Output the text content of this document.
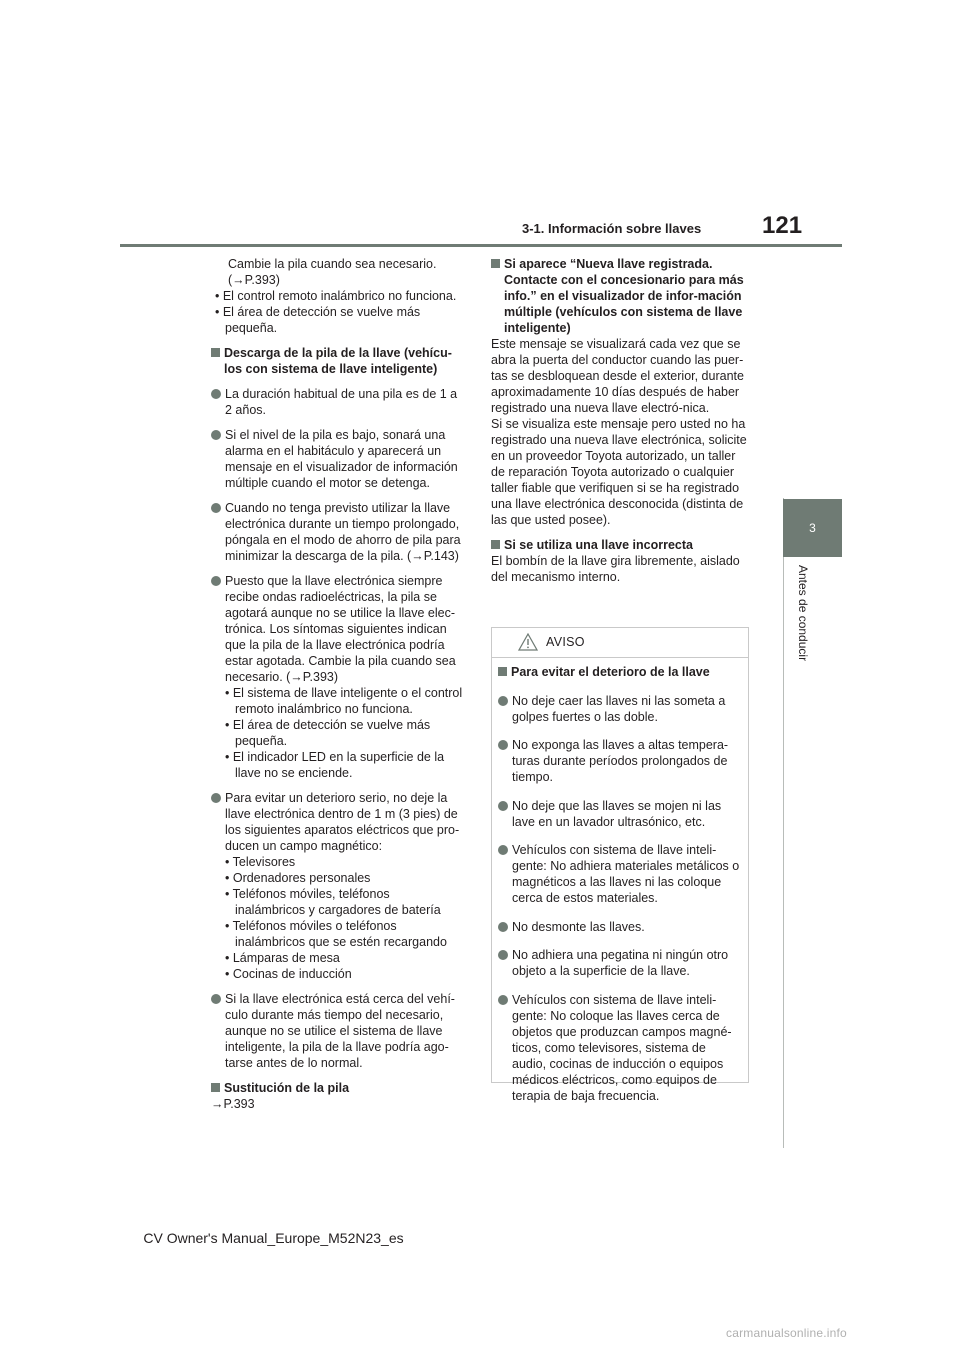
3-1. Información sobre llaves	121
3
Antes de conducir

Cambie la pila cuando sea necesario.

(→P.393)

• El control remoto inalámbrico no funciona.

• El área de detección se vuelve más pequeña.

Descarga de la pila de la llave (vehícu-los con sistema de llave inteligente)

La duración habitual de una pila es de 1 a 2 años.

Si el nivel de la pila es bajo, sonará una alarma en el habitáculo y aparecerá un mensaje en el visualizador de información múltiple cuando el motor se detenga.

Cuando no tenga previsto utilizar la llave electrónica durante un tiempo prolongado, póngala en el modo de ahorro de pila para minimizar la descarga de la pila. (→P.143)

Puesto que la llave electrónica siempre recibe ondas radioeléctricas, la pila se agotará aunque no se utilice la llave elec-trónica. Los síntomas siguientes indican que la pila de la llave electrónica podría estar agotada. Cambie la pila cuando sea necesario. (→P.393)

• El sistema de llave inteligente o el control remoto inalámbrico no funciona.

• El área de detección se vuelve más pequeña.

• El indicador LED en la superficie de la llave no se enciende.

Para evitar un deterioro serio, no deje la llave electrónica dentro de 1 m (3 pies) de los siguientes aparatos eléctricos que pro-ducen un campo magnético:

• Televisores

• Ordenadores personales

• Teléfonos móviles, teléfonos inalámbricos y cargadores de batería

• Teléfonos móviles o teléfonos inalámbricos que se estén recargando

• Lámparas de mesa

• Cocinas de inducción

Si la llave electrónica está cerca del vehí-culo durante más tiempo del necesario, aunque no se utilice el sistema de llave inteligente, la pila de la llave podría ago-tarse antes de lo normal.

Sustitución de la pila

→P.393

Si aparece “Nueva llave registrada. Contacte con el concesionario para más info.” en el visualizador de infor-mación múltiple (vehículos con sistema de llave inteligente)

Este mensaje se visualizará cada vez que se abra la puerta del conductor cuando las puer-tas se desbloquean desde el exterior, durante aproximadamente 10 días después de haber registrado una nueva llave electró-nica.

Si se visualiza este mensaje pero usted no ha registrado una nueva llave electrónica, solicite en un proveedor Toyota autorizado, un taller de reparación Toyota autorizado o cualquier taller fiable que verifiquen si se ha registrado una llave electrónica desconocida (distinta de las que usted posee).

Si se utiliza una llave incorrecta

El bombín de la llave gira libremente, aislado del mecanismo interno.

AVISO
Para evitar el deterioro de la llave

No deje caer las llaves ni las someta a golpes fuertes o las doble.

No exponga las llaves a altas tempera-turas durante períodos prolongados de tiempo.

No deje que las llaves se mojen ni las lave en un lavador ultrasónico, etc.

Vehículos con sistema de llave inteli-gente: No adhiera materiales metálicos o magnéticos a las llaves ni las coloque cerca de estos materiales.

No desmonte las llaves.

No adhiera una pegatina ni ningún otro objeto a la superficie de la llave.

Vehículos con sistema de llave inteli-gente: No coloque las llaves cerca de objetos que produzcan campos magné-ticos, como televisores, sistema de audio, cocinas de inducción o equipos médicos eléctricos, como equipos de terapia de baja frecuencia.

CV Owner's Manual_Europe_M52N23_es
carmanualsonline.info
